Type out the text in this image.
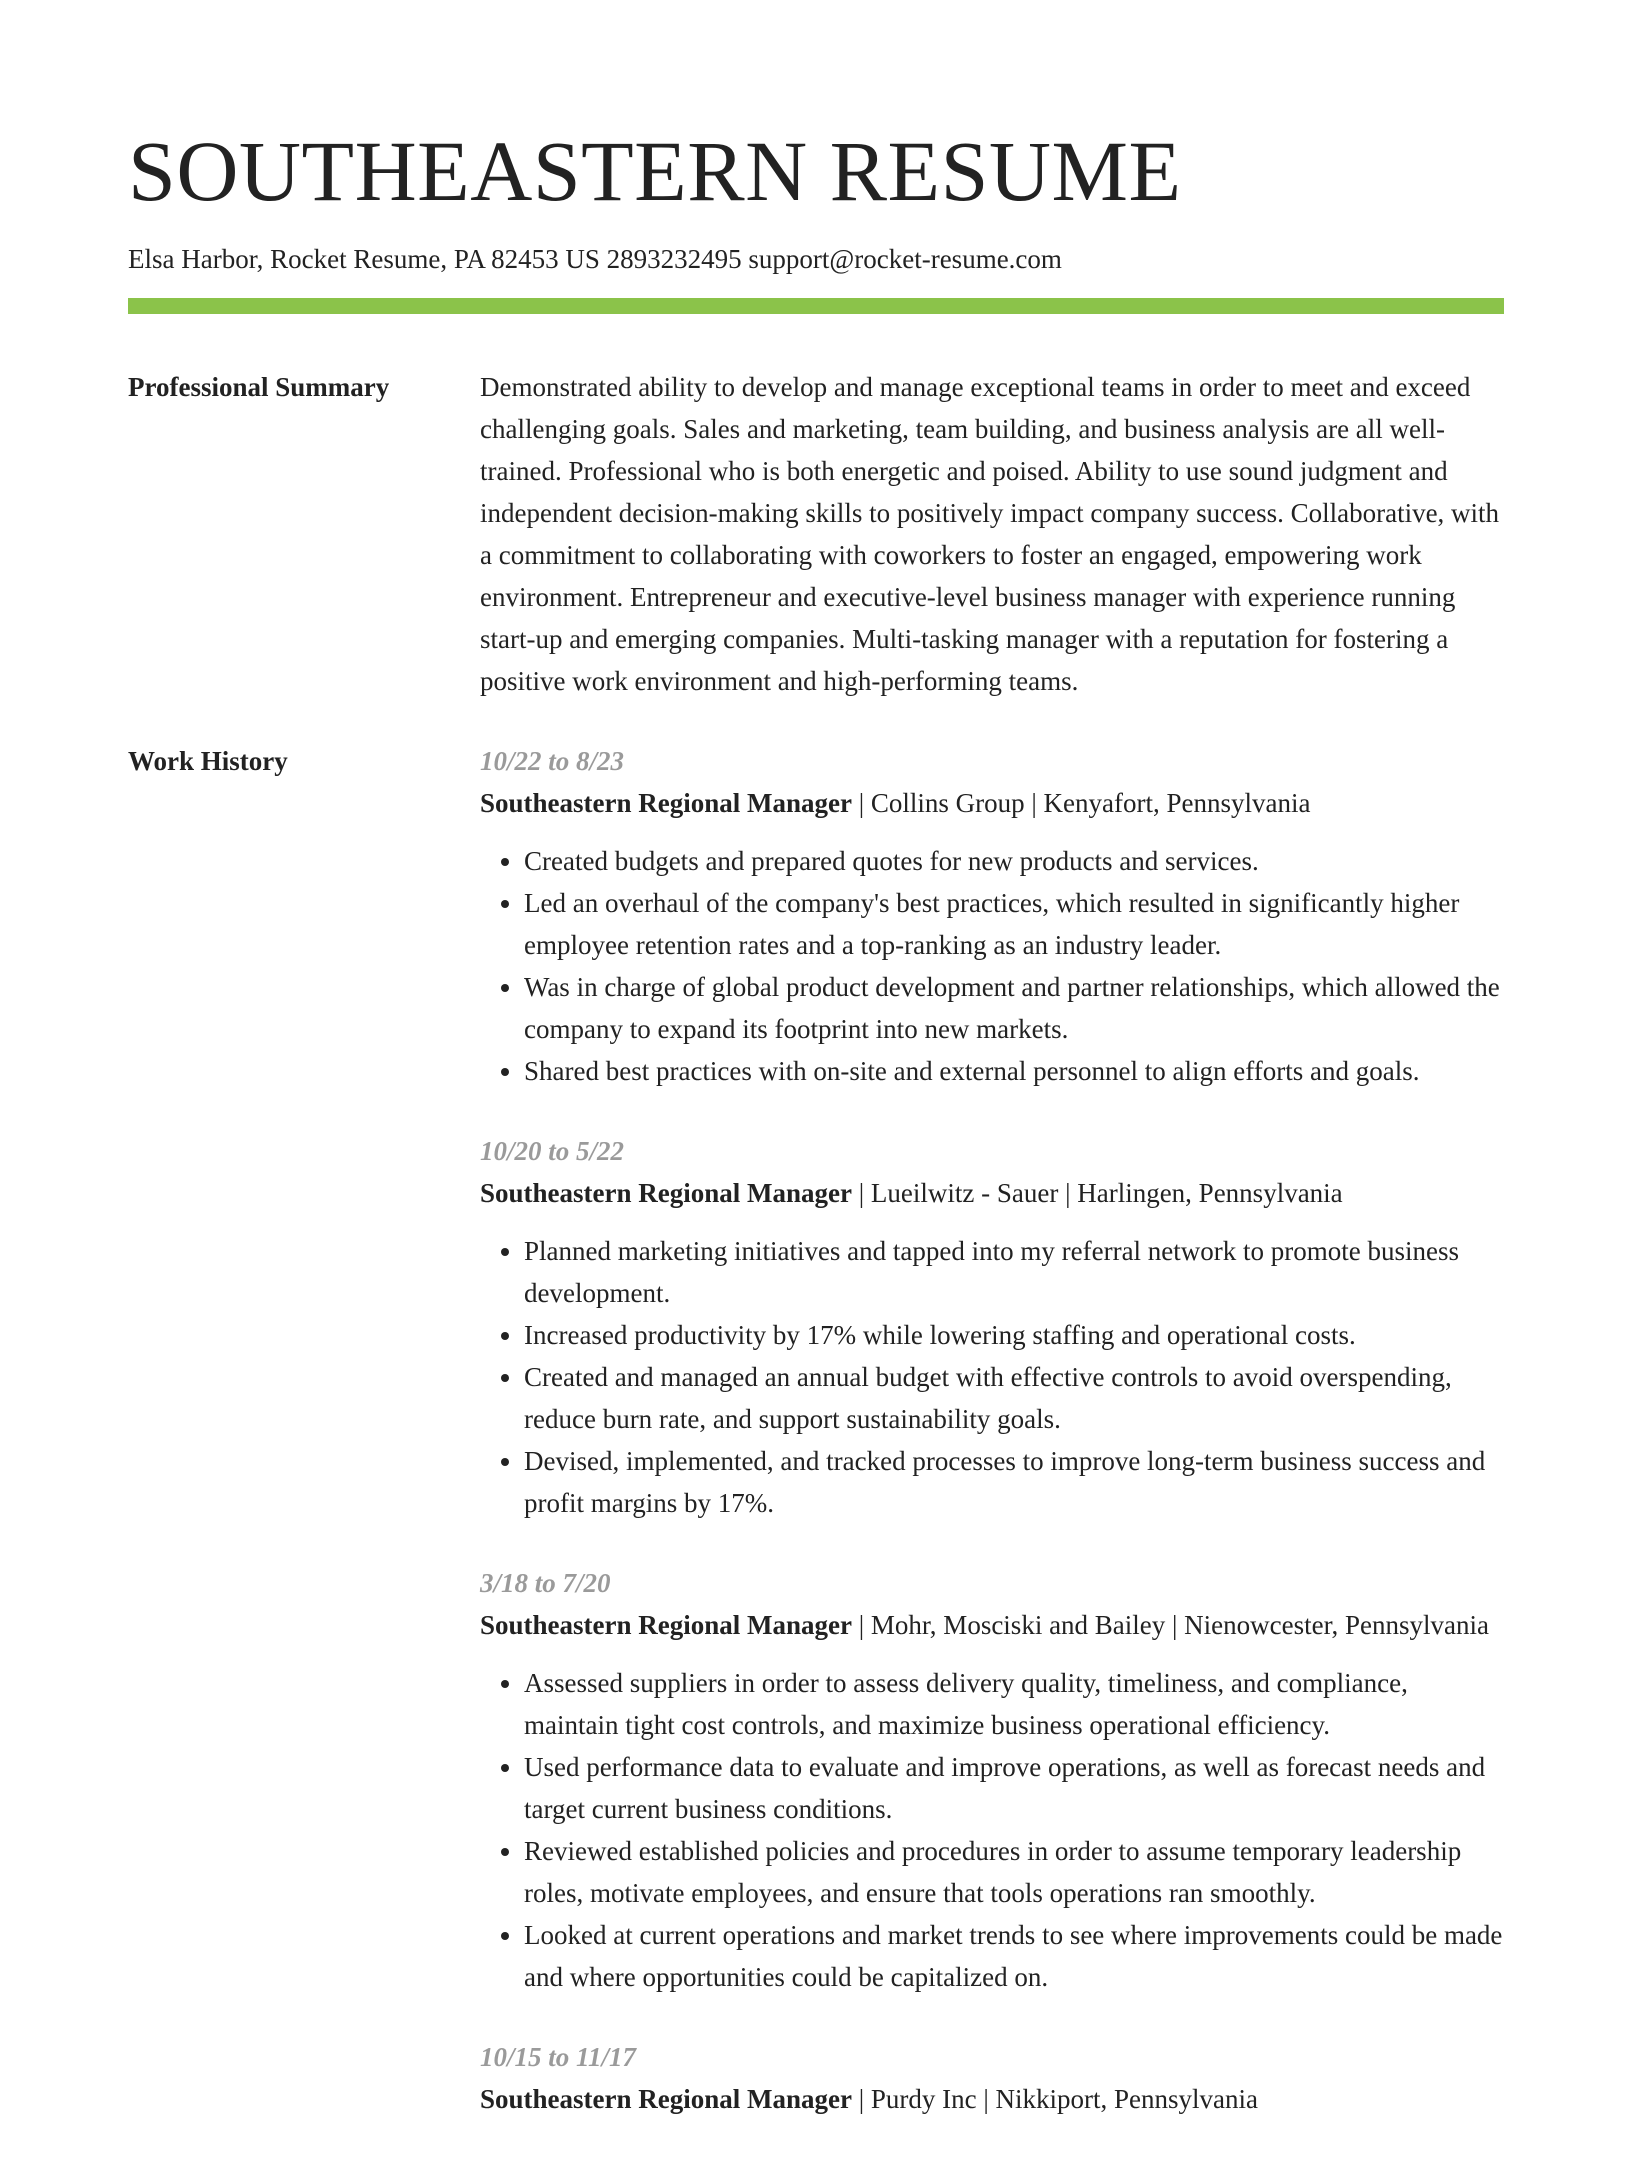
SOUTHEASTERN RESUME
Elsa Harbor, Rocket Resume, PA 82453 US 2893232495 support@rocket-resume.com
Professional Summary	Demonstrated ability to develop and manage exceptional teams in order to meet and exceed challenging goals. Sales and marketing, team building, and business analysis are all well-trained. Professional who is both energetic and poised. Ability to use sound judgment and independent decision-making skills to positively impact company success. Collaborative, with a commitment to collaborating with coworkers to foster an engaged, empowering work environment. Entrepreneur and executive-level business manager with experience running start-up and emerging companies. Multi-tasking manager with a reputation for fostering a positive work environment and high-performing teams.

Work History	10/22 to 8/23
Southeastern Regional Manager | Collins Group | Kenyafort, Pennsylvania
• Created budgets and prepared quotes for new products and services.
• Led an overhaul of the company's best practices, which resulted in significantly higher employee retention rates and a top-ranking as an industry leader.
• Was in charge of global product development and partner relationships, which allowed the company to expand its footprint into new markets.
• Shared best practices with on-site and external personnel to align efforts and goals.
10/20 to 5/22
Southeastern Regional Manager | Lueilwitz - Sauer | Harlingen, Pennsylvania
• Planned marketing initiatives and tapped into my referral network to promote business development.
• Increased productivity by 17% while lowering staffing and operational costs.
• Created and managed an annual budget with effective controls to avoid overspending, reduce burn rate, and support sustainability goals.
• Devised, implemented, and tracked processes to improve long-term business success and profit margins by 17%.
3/18 to 7/20
Southeastern Regional Manager | Mohr, Mosciski and Bailey | Nienowcester, Pennsylvania
• Assessed suppliers in order to assess delivery quality, timeliness, and compliance, maintain tight cost controls, and maximize business operational efficiency.
• Used performance data to evaluate and improve operations, as well as forecast needs and target current business conditions.
• Reviewed established policies and procedures in order to assume temporary leadership roles, motivate employees, and ensure that tools operations ran smoothly.
• Looked at current operations and market trends to see where improvements could be made and where opportunities could be capitalized on.
10/15 to 11/17
Southeastern Regional Manager | Purdy Inc | Nikkiport, Pennsylvania
